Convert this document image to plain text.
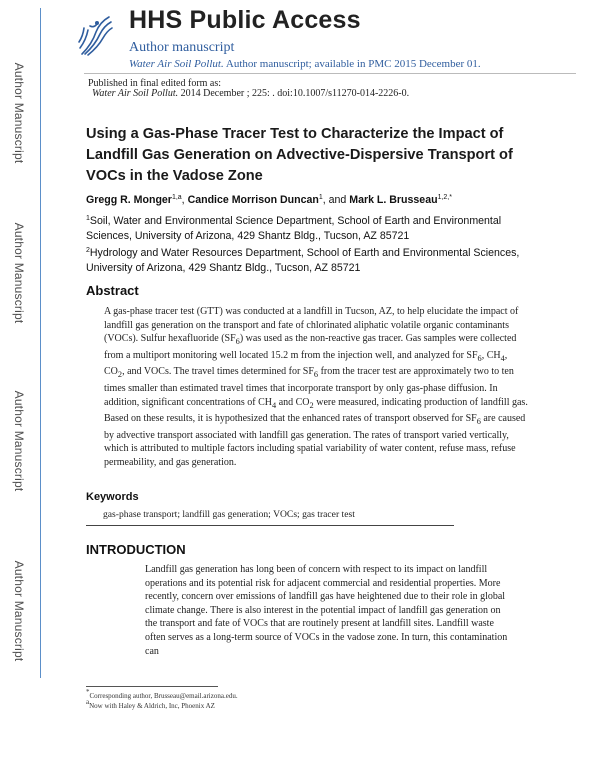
Author Manuscript
Author Manuscript
Author Manuscript
Author Manuscript
HHS Public Access
Author manuscript
Water Air Soil Pollut. Author manuscript; available in PMC 2015 December 01.
Published in final edited form as:
Water Air Soil Pollut. 2014 December ; 225: . doi:10.1007/s11270-014-2226-0.
Using a Gas-Phase Tracer Test to Characterize the Impact of Landfill Gas Generation on Advective-Dispersive Transport of VOCs in the Vadose Zone
Gregg R. Monger$^{1,a}$, Candice Morrison Duncan$^1$, and Mark L. Brusseau$^{1,2,*}$
$^1$Soil, Water and Environmental Science Department, School of Earth and Environmental Sciences, University of Arizona, 429 Shantz Bldg., Tucson, AZ 85721
$^2$Hydrology and Water Resources Department, School of Earth and Environmental Sciences, University of Arizona, 429 Shantz Bldg., Tucson, AZ 85721
Abstract
A gas-phase tracer test (GTT) was conducted at a landfill in Tucson, AZ, to help elucidate the impact of landfill gas generation on the transport and fate of chlorinated aliphatic volatile organic contaminants (VOCs). Sulfur hexafluoride $(SF_6)$ was used as the non-reactive gas tracer. Gas samples were collected from a multiport monitoring well located 15.2 m from the injection well, and analyzed for $SF_6$, $CH_4$, $CO_2$, and VOCs. The travel times determined for $SF_6$ from the tracer test are approximately two to ten times smaller than estimated travel times that incorporate transport by only gas-phase diffusion. In addition, significant concentrations of $CH_4$ and $CO_2$ were measured, indicating production of landfill gas. Based on these results, it is hypothesized that the enhanced rates of transport observed for $SF_6$ are caused by advective transport associated with landfill gas generation. The rates of transport varied vertically, which is attributed to multiple factors including spatial variability of water content, refuse mass, refuse permeability, and gas generation.
Keywords
gas-phase transport; landfill gas generation; VOCs; gas tracer test
INTRODUCTION
Landfill gas generation has long been of concern with respect to its impact on landfill operations and its potential risk for adjacent commercial and residential properties. More recently, concern over emissions of landfill gas have heightened due to their role in global climate change. There is also interest in the potential impact of landfill gas generation on the transport and fate of VOCs that are routinely present at landfill sites. Landfill waste often serves as a long-term source of VOCs in the vadose zone. In turn, this contamination can
*Corresponding author, Brusseau@email.arizona.edu.
aNow with Haley & Aldrich, Inc, Phoenix AZ
